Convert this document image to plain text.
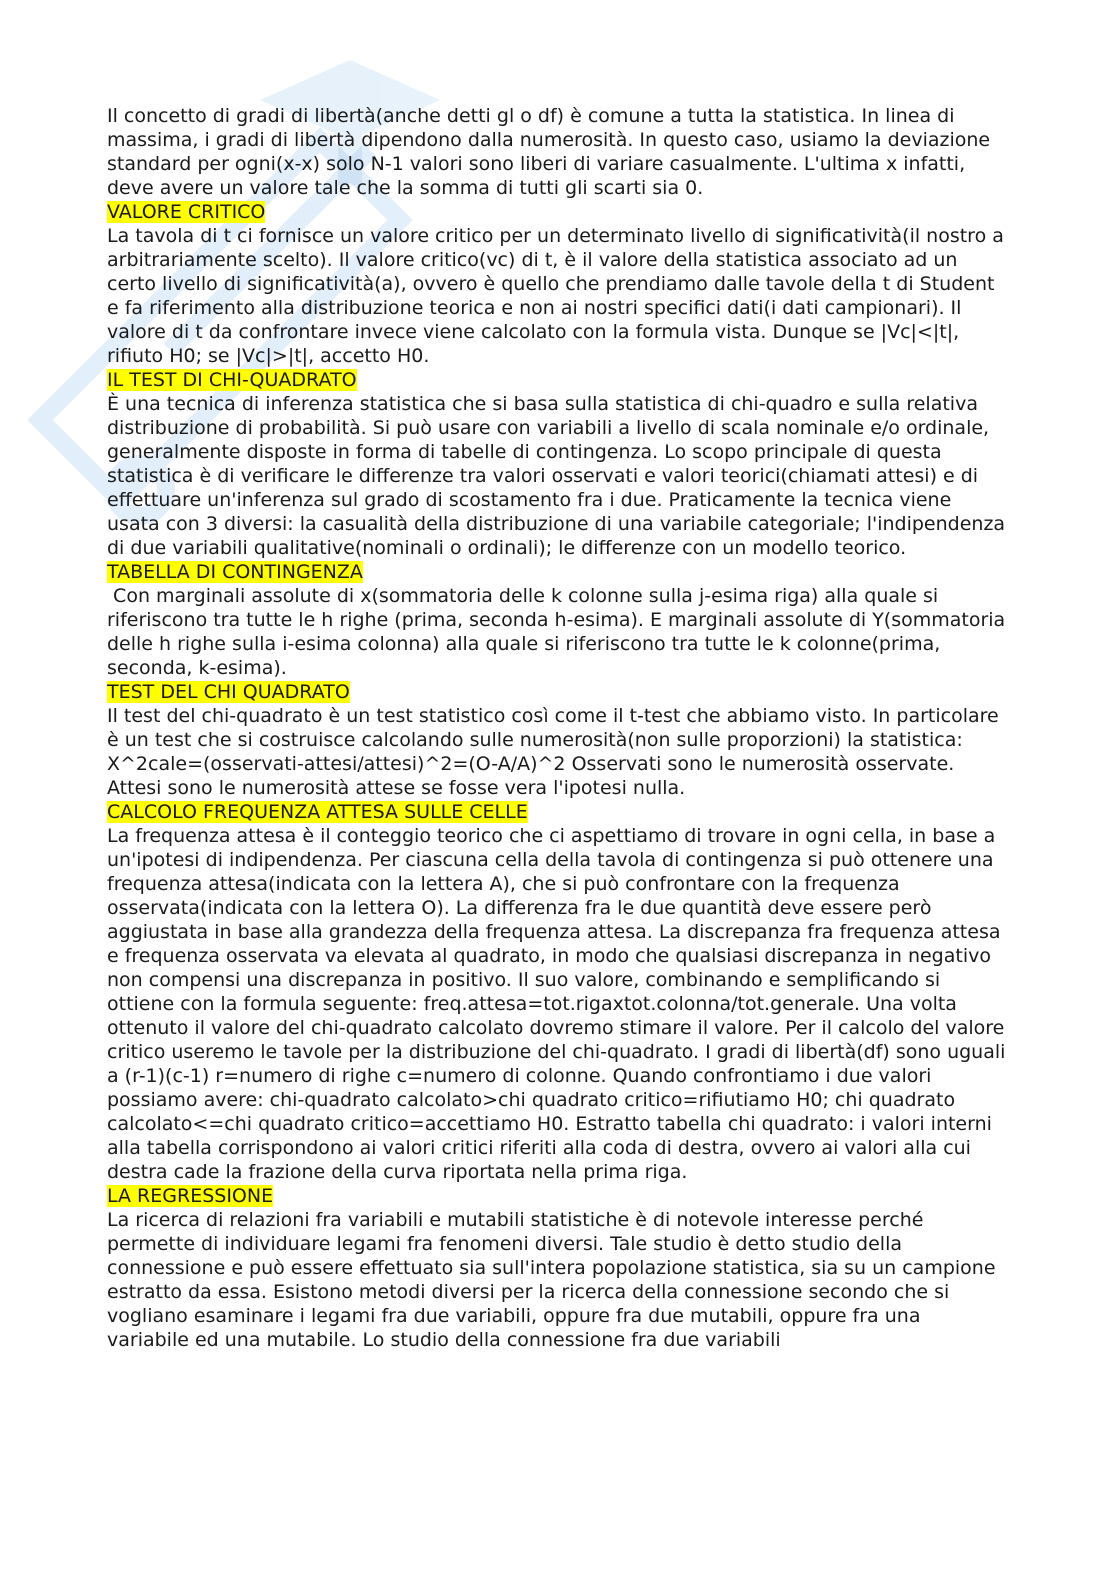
Il concetto di gradi di libertà(anche detti gl o df) è comune a tutta la statistica. In linea di massima, i gradi di libertà dipendono dalla numerosità. In questo caso, usiamo la deviazione standard per ogni(x-x) solo N-1 valori sono liberi di variare casualmente. L'ultima x infatti, deve avere un valore tale che la somma di tutti gli scarti sia 0.

VALORE CRITICO

La tavola di t ci fornisce un valore critico per un determinato livello di significatività(il nostro a arbitrariamente scelto). Il valore critico(vc) di t, è il valore della statistica associato ad un certo livello di significatività(a), ovvero è quello che prendiamo dalle tavole della t di Student e fa riferimento alla distribuzione teorica e non ai nostri specifici dati(i dati campionari). Il valore di t da confrontare invece viene calcolato con la formula vista. Dunque se |Vc|<|t|, rifiuto H0; se |Vc|>|t|, accetto H0.

IL TEST DI CHI-QUADRATO

È una tecnica di inferenza statistica che si basa sulla statistica di chi-quadro e sulla relativa distribuzione di probabilità. Si può usare con variabili a livello di scala nominale e/o ordinale, generalmente disposte in forma di tabelle di contingenza. Lo scopo principale di questa statistica è di verificare le differenze tra valori osservati e valori teorici(chiamati attesi) e di effettuare un'inferenza sul grado di scostamento fra i due. Praticamente la tecnica viene usata con 3 diversi: la casualità della distribuzione di una variabile categoriale; l'indipendenza di due variabili qualitative(nominali o ordinali); le differenze con un modello teorico.

TABELLA DI CONTINGENZA

Con marginali assolute di x(sommatoria delle k colonne sulla j-esima riga) alla quale si riferiscono tra tutte le h righe (prima, seconda h-esima). E marginali assolute di Y(sommatoria delle h righe sulla i-esima colonna) alla quale si riferiscono tra tutte le k colonne(prima, seconda, k-esima).

TEST DEL CHI QUADRATO

Il test del chi-quadrato è un test statistico così come il t-test che abbiamo visto. In particolare è un test che si costruisce calcolando sulle numerosità(non sulle proporzioni) la statistica: X^2cale=(osservati-attesi/attesi)^2=(O-A/A)^2 Osservati sono le numerosità osservate. Attesi sono le numerosità attese se fosse vera l'ipotesi nulla.

CALCOLO FREQUENZA ATTESA SULLE CELLE

La frequenza attesa è il conteggio teorico che ci aspettiamo di trovare in ogni cella, in base a un'ipotesi di indipendenza. Per ciascuna cella della tavola di contingenza si può ottenere una frequenza attesa(indicata con la lettera A), che si può confrontare con la frequenza osservata(indicata con la lettera O). La differenza fra le due quantità deve essere però aggiustata in base alla grandezza della frequenza attesa. La discrepanza fra frequenza attesa e frequenza osservata va elevata al quadrato, in modo che qualsiasi discrepanza in negativo non compensi una discrepanza in positivo. Il suo valore, combinando e semplificando si ottiene con la formula seguente: freq.attesa=tot.rigaxtot.colonna/tot.generale. Una volta ottenuto il valore del chi-quadrato calcolato dovremo stimare il valore. Per il calcolo del valore critico useremo le tavole per la distribuzione del chi-quadrato. I gradi di libertà(df) sono uguali a (r-1)(c-1) r=numero di righe c=numero di colonne. Quando confrontiamo i due valori possiamo avere: chi-quadrato calcolato>chi quadrato critico=rifiutiamo H0; chi quadrato calcolato<=chi quadrato critico=accettiamo H0. Estratto tabella chi quadrato: i valori interni alla tabella corrispondono ai valori critici riferiti alla coda di destra, ovvero ai valori alla cui destra cade la frazione della curva riportata nella prima riga.

LA REGRESSIONE

La ricerca di relazioni fra variabili e mutabili statistiche è di notevole interesse perché permette di individuare legami fra fenomeni diversi. Tale studio è detto studio della connessione e può essere effettuato sia sull'intera popolazione statistica, sia su un campione estratto da essa. Esistono metodi diversi per la ricerca della connessione secondo che si vogliano esaminare i legami fra due variabili, oppure fra due mutabili, oppure fra una variabile ed una mutabile. Lo studio della connessione fra due variabili
